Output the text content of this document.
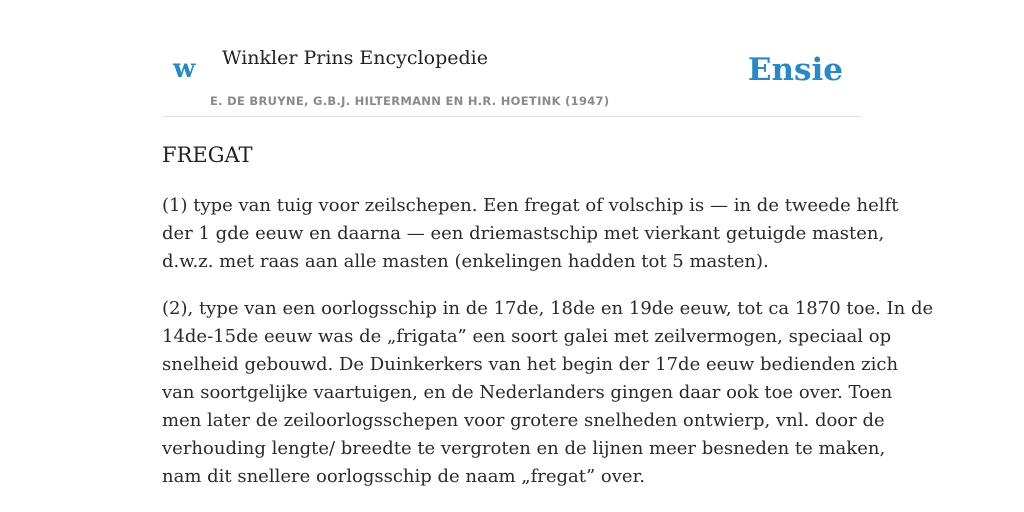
w Winkler Prins Encyclopedie
E. DE BRUYNE, G.B.J. HILTERMANN EN H.R. HOETINK (1947)
Ensie
FREGAT

(1) type van tuig voor zeilschepen. Een fregat of volschip is — in de tweede helft
der 1 gde eeuw en daarna — een driemastschip met vierkant getuigde masten,
d.w.z. met raas aan alle masten (enkelingen hadden tot 5 masten).

(2), type van een oorlogsschip in de 17de, 18de en 19de eeuw, tot ca 1870 toe. In de
14de-15de eeuw was de „frigata” een soort galei met zeilvermogen, speciaal op
snelheid gebouwd. De Duinkerkers van het begin der 17de eeuw bedienden zich
van soortgelijke vaartuigen, en de Nederlanders gingen daar ook toe over. Toen
men later de zeiloorlogsschepen voor grotere snelheden ontwierp, vnl. door de
verhouding lengte/ breedte te vergroten en de lijnen meer besneden te maken,
nam dit snellere oorlogsschip de naam „fregat” over.
